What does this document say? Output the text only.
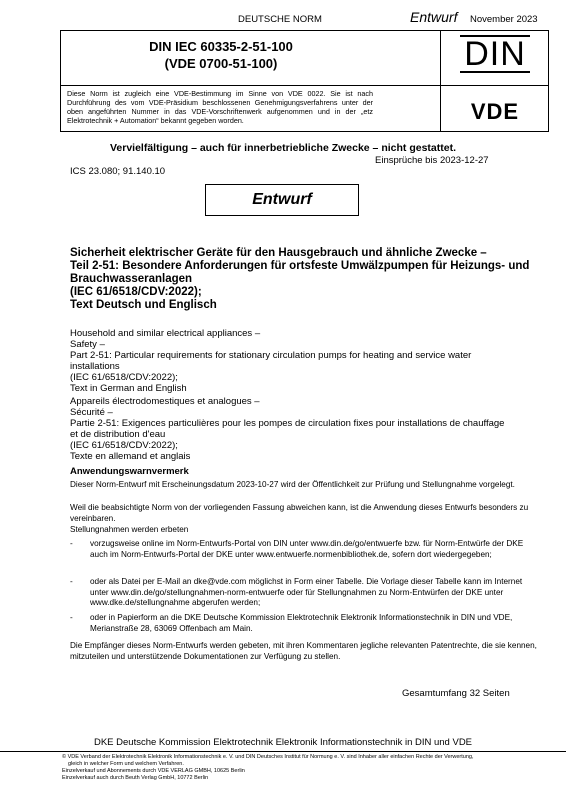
DEUTSCHE NORM	Entwurf November 2023
DIN IEC 60335-2-51-100
(VDE 0700-51-100)
Diese Norm ist zugleich eine VDE-Bestimmung im Sinne von VDE 0022. Sie ist nach Durchführung des vom VDE-Präsidium beschlossenen Genehmigungsverfahrens unter der oben angeführten Nummer in das VDE-Vorschriftenwerk aufgenommen und in der „etz Elektrotechnik + Automation“ bekannt gegeben worden.
DIN
VDE
Vervielfältigung – auch für innerbetriebliche Zwecke – nicht gestattet.
Einsprüche bis 2023-12-27
ICS 23.080; 91.140.10
Entwurf
Sicherheit elektrischer Geräte für den Hausgebrauch und ähnliche Zwecke –
Teil 2-51: Besondere Anforderungen für ortsfeste Umwälzpumpen für Heizungs- und
Brauchwasseranlagen
(IEC 61/6518/CDV:2022);
Text Deutsch und Englisch
Household and similar electrical appliances –
Safety –
Part 2-51: Particular requirements for stationary circulation pumps for heating and service water
installations
(IEC 61/6518/CDV:2022);
Text in German and English
Appareils électrodomestiques et analogues –
Sécurité –
Partie 2-51: Exigences particulières pour les pompes de circulation fixes pour installations de chauffage
et de distribution d'eau
(IEC 61/6518/CDV:2022);
Texte en allemand et anglais
Anwendungswarnvermerk
Dieser Norm-Entwurf mit Erscheinungsdatum 2023-10-27 wird der Öffentlichkeit zur Prüfung und Stellungnahme vorgelegt.
Weil die beabsichtigte Norm von der vorliegenden Fassung abweichen kann, ist die Anwendung dieses Entwurfs besonders zu vereinbaren.
Stellungnahmen werden erbeten
- vorzugsweise online im Norm-Entwurfs-Portal von DIN unter www.din.de/go/entwuerfe bzw. für Norm-Entwürfe der DKE auch im Norm-Entwurfs-Portal der DKE unter www.entwuerfe.normenbibliothek.de, sofern dort wiedergegeben;
- oder als Datei per E-Mail an dke@vde.com möglichst in Form einer Tabelle. Die Vorlage dieser Tabelle kann im Internet unter www.din.de/go/stellungnahmen-norm-entwuerfe oder für Stellungnahmen zu Norm-Entwürfen der DKE unter www.dke.de/stellungnahme abgerufen werden;
- oder in Papierform an die DKE Deutsche Kommission Elektrotechnik Elektronik Informationstechnik in DIN und VDE, Merianstraße 28, 63069 Offenbach am Main.
Die Empfänger dieses Norm-Entwurfs werden gebeten, mit ihren Kommentaren jegliche relevanten Patentrechte, die sie kennen, mitzuteilen und unterstützende Dokumentationen zur Verfügung zu stellen.
Gesamtumfang 32 Seiten
DKE Deutsche Kommission Elektrotechnik Elektronik Informationstechnik in DIN und VDE
© VDE Verband der Elektrotechnik Elektronik Informationstechnik e. V. und DIN Deutsches Institut für Normung e. V. sind Inhaber aller einfachen Rechte der Verwertung,
gleich in welcher Form und welchem Verfahren.
Einzelverkauf und Abonnements durch VDE VERLAG GMBH, 10625 Berlin
Einzelverkauf auch durch Beuth Verlag GmbH, 10772 Berlin
